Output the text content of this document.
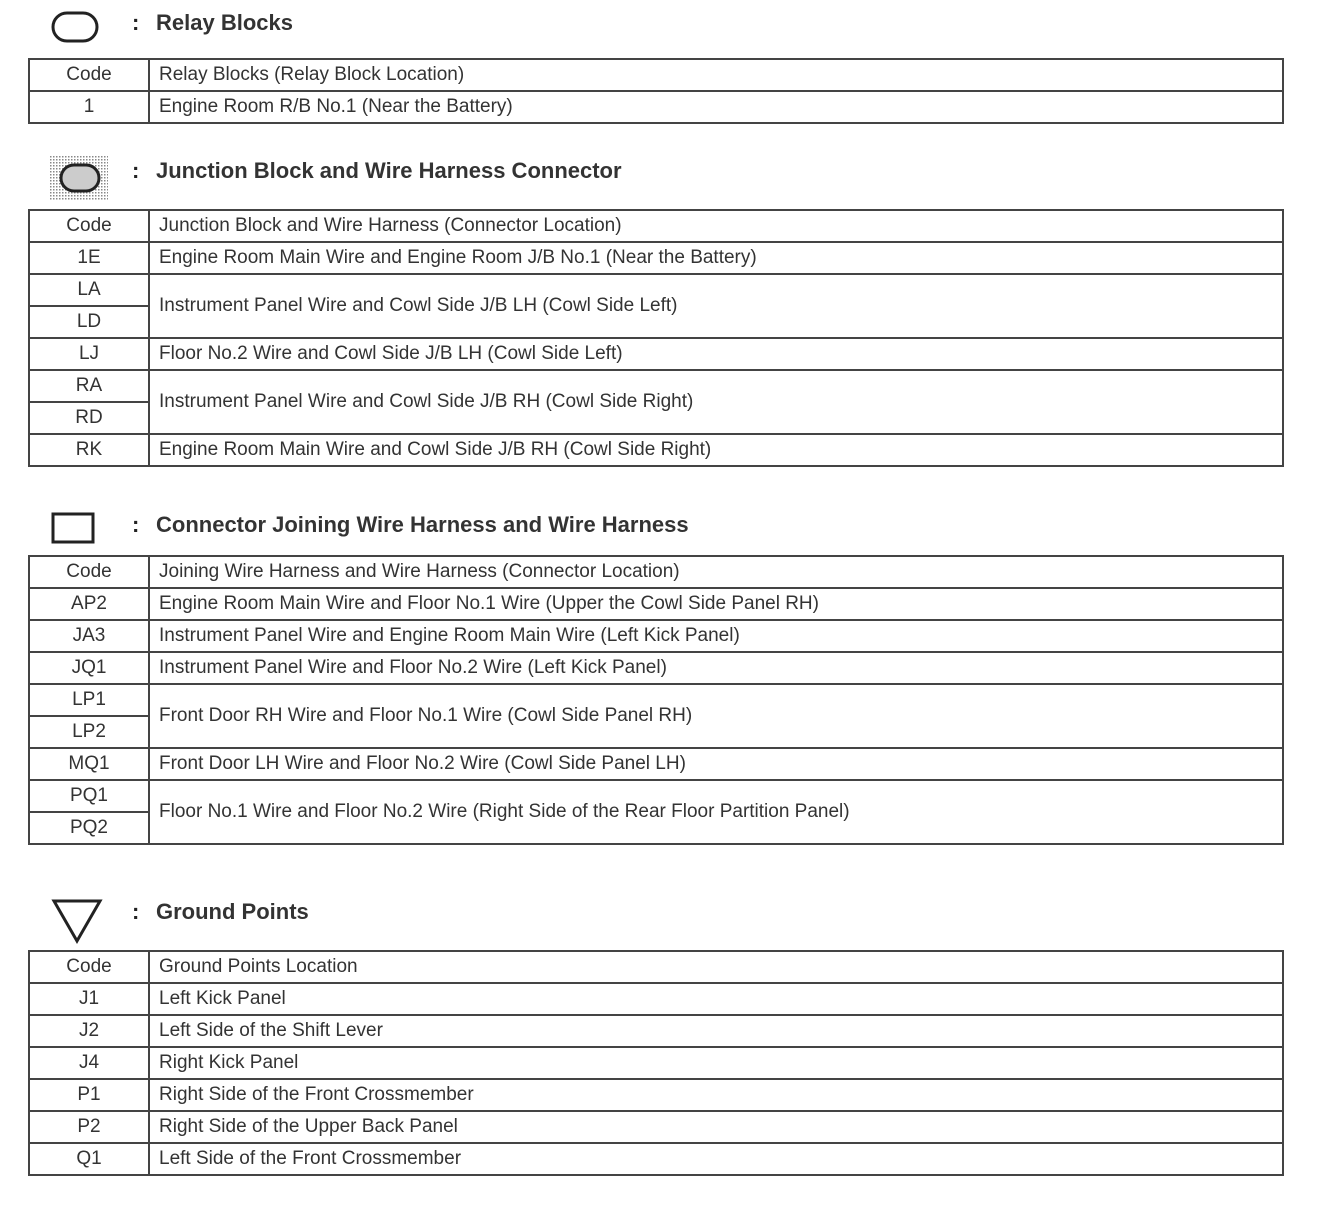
: Relay Blocks
Code	Relay Blocks (Relay Block Location)
1	Engine Room R/B No.1 (Near the Battery)
: Junction Block and Wire Harness Connector
Code	Junction Block and Wire Harness (Connector Location)
1E	Engine Room Main Wire and Engine Room J/B No.1 (Near the Battery)
LA	Instrument Panel Wire and Cowl Side J/B LH (Cowl Side Left)
LD	
LJ	Floor No.2 Wire and Cowl Side J/B LH (Cowl Side Left)
RA	Instrument Panel Wire and Cowl Side J/B RH (Cowl Side Right)
RD	
RK	Engine Room Main Wire and Cowl Side J/B RH (Cowl Side Right)
: Connector Joining Wire Harness and Wire Harness
Code	Joining Wire Harness and Wire Harness (Connector Location)
AP2	Engine Room Main Wire and Floor No.1 Wire (Upper the Cowl Side Panel RH)
JA3	Instrument Panel Wire and Engine Room Main Wire (Left Kick Panel)
JQ1	Instrument Panel Wire and Floor No.2 Wire (Left Kick Panel)
LP1	Front Door RH Wire and Floor No.1 Wire (Cowl Side Panel RH)
LP2	
MQ1	Front Door LH Wire and Floor No.2 Wire (Cowl Side Panel LH)
PQ1	Floor No.1 Wire and Floor No.2 Wire (Right Side of the Rear Floor Partition Panel)
PQ2	
: Ground Points
Code	Ground Points Location
J1	Left Kick Panel
J2	Left Side of the Shift Lever
J4	Right Kick Panel
P1	Right Side of the Front Crossmember
P2	Right Side of the Upper Back Panel
Q1	Left Side of the Front Crossmember
